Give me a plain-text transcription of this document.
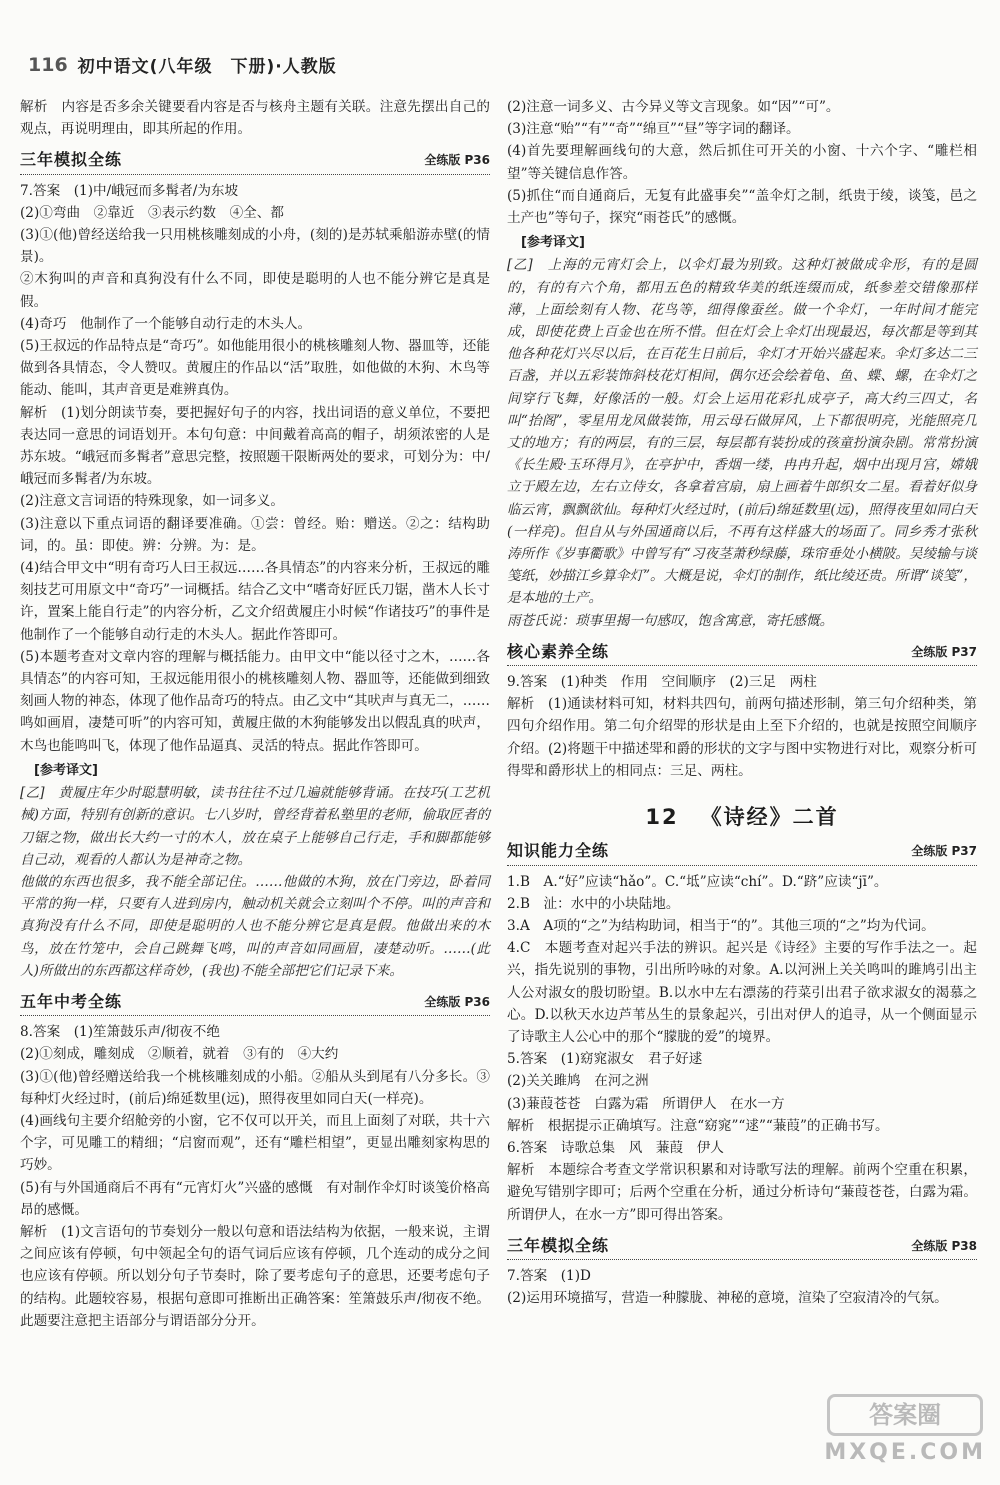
116 初中语文(八年级　下册)·人教版

解析　内容是否多余关键要看内容是否与核舟主题有关联。注意先摆出自己的观点，再说明理由，即其所起的作用。

三年模拟全练	全练版 P36

7.答案　(1)中/峨冠而多髯者/为东坡

(2)①弯曲　②靠近　③表示约数　④全、都

(3)①(他)曾经送给我一只用桃核雕刻成的小舟，(刻的)是苏轼乘船游赤壁(的情景)。

②木狗叫的声音和真狗没有什么不同，即使是聪明的人也不能分辨它是真是假。

(4)奇巧　他制作了一个能够自动行走的木头人。

(5)王叔远的作品特点是“奇巧”。如他能用很小的桃核雕刻人物、器皿等，还能做到各具情态，令人赞叹。黄履庄的作品以“活”取胜，如他做的木狗、木鸟等能动、能叫，其声音更是难辨真伪。

解析　(1)划分朗读节奏，要把握好句子的内容，找出词语的意义单位，不要把表达同一意思的词语划开。本句句意：中间戴着高高的帽子，胡须浓密的人是苏东坡。“峨冠而多髯者”意思完整，按照题干限断两处的要求，可划分为：中/峨冠而多髯者/为东坡。

(2)注意文言词语的特殊现象，如一词多义。

(3)注意以下重点词语的翻译要准确。①尝：曾经。贻：赠送。②之：结构助词，的。虽：即使。辨：分辨。为：是。

(4)结合甲文中“明有奇巧人曰王叔远……各具情态”的内容来分析，王叔远的雕刻技艺可用原文中“奇巧”一词概括。结合乙文中“嗜奇好匠氏刀锯，凿木人长寸许，置案上能自行走”的内容分析，乙文介绍黄履庄小时候“作诸技巧”的事件是他制作了一个能够自动行走的木头人。据此作答即可。

(5)本题考查对文章内容的理解与概括能力。由甲文中“能以径寸之木，……各具情态”的内容可知，王叔远能用很小的桃核雕刻人物、器皿等，还能做到细致刻画人物的神态，体现了他作品奇巧的特点。由乙文中“其吠声与真无二，……鸣如画眉，凄楚可听”的内容可知，黄履庄做的木狗能够发出以假乱真的吠声，木鸟也能鸣叫飞，体现了他作品逼真、灵活的特点。据此作答即可。

[参考译文]

[乙]　黄履庄年少时聪慧明敏，读书往往不过几遍就能够背诵。在技巧(工艺机械)方面，特别有创新的意识。七八岁时，曾经背着私塾里的老师，偷取匠者的刀锯之物，做出长大约一寸的木人，放在桌子上能够自己行走，手和脚都能够自己动，观看的人都认为是神奇之物。

他做的东西也很多，我不能全部记住。……他做的木狗，放在门旁边，卧着同平常的狗一样，只要有人进到房内，触动机关就会立刻叫个不停。叫的声音和真狗没有什么不同，即使是聪明的人也不能分辨它是真是假。他做出来的木鸟，放在竹笼中，会自己跳舞飞鸣，叫的声音如同画眉，凄楚动听。……(此人)所做出的东西都这样奇妙，(我也)不能全部把它们记录下来。

五年中考全练	全练版 P36

8.答案　(1)笙箫鼓乐声/彻夜不绝

(2)①刻成，雕刻成　②顺着，就着　③有的　④大约

(3)①(他)曾经赠送给我一个桃核雕刻成的小船。②船从头到尾有八分多长。③每种灯火经过时，(前后)绵延数里(远)，照得夜里如同白天(一样亮)。

(4)画线句主要介绍舱旁的小窗，它不仅可以开关，而且上面刻了对联，共十六个字，可见雕工的精细；“启窗而观”，还有“雕栏相望”，更显出雕刻家构思的巧妙。

(5)有与外国通商后不再有“元宵灯火”兴盛的感慨　有对制作伞灯时谈笺价格高昂的感慨。

解析　(1)文言语句的节奏划分一般以句意和语法结构为依据，一般来说，主谓之间应该有停顿，句中领起全句的语气词后应该有停顿，几个连动的成分之间也应该有停顿。所以划分句子节奏时，除了要考虑句子的意思，还要考虑句子的结构。此题较容易，根据句意即可推断出正确答案：笙箫鼓乐声/彻夜不绝。此题要注意把主语部分与谓语部分分开。

(2)注意一词多义、古今异义等文言现象。如“因”“可”。

(3)注意“贻”“有”“奇”“绵亘”“昼”等字词的翻译。

(4)首先要理解画线句的大意，然后抓住可开关的小窗、十六个字、“雕栏相望”等关键信息作答。

(5)抓住“而自通商后，无复有此盛事矣”“盖伞灯之制，纸贵于绫，谈笺，邑之土产也”等句子，探究“雨苍氏”的感慨。

[参考译文]

[乙]　上海的元宵灯会上，以伞灯最为别致。这种灯被做成伞形，有的是圆的，有的有六个角，都用五色的精致华美的纸连缀而成，纸参差交错像那样薄，上面绘刻有人物、花鸟等，细得像蚕丝。做一个伞灯，一年时间才能完成，即使花费上百金也在所不惜。但在灯会上伞灯出现最迟，每次都是等到其他各种花灯兴尽以后，在百花生日前后，伞灯才开始兴盛起来。伞灯多达二三百盏，并以五彩装饰斜枝花灯相间，偶尔还会绘着龟、鱼、蝶、螺，在伞灯之间穿行飞舞，好像活的一般。灯会上运用花彩扎成亭子，高大约三四丈，名叫“抬阁”，零星用龙凤做装饰，用云母石做屏风，上下都很明亮，光能照亮几丈的地方；有的两层，有的三层，每层都有装扮成的孩童扮演杂剧。常常扮演《长生殿·玉环得月》，在亭护中，香烟一缕，冉冉升起，烟中出现月宫，嫦娥立于殿左边，左右立侍女，各拿着宫扇，扇上画着牛郎织女二星。看着好似身临云宵，飘飘欲仙。每种灯火经过时，(前后)绵延数里(远)，照得夜里如同白天(一样亮)。但自从与外国通商以后，不再有这样盛大的场面了。同乡秀才张秋涛所作《岁事衢歌》中曾写有“习夜茎萧秒绿藤，珠帘垂处小横陂。吴绫输与谈笺纸，妙描江乡算伞灯”。大概是说，伞灯的制作，纸比绫还贵。所谓“谈笺”，是本地的土产。

雨苍氏说：琐事里揭一句感叹，饱含寓意，寄托感慨。

核心素养全练	全练版 P37

9.答案　(1)种类　作用　空间顺序　(2)三足　两柱

解析　(1)通读材料可知，材料共四句，前两句描述形制，第三句介绍种类，第四句介绍作用。第二句介绍斝的形状是由上至下介绍的，也就是按照空间顺序介绍。(2)将题干中描述斝和爵的形状的文字与图中实物进行对比，观察分析可得斝和爵形状上的相同点：三足、两柱。

12 《诗经》二首
知识能力全练	全练版 P37

1.B　A.“好”应读“hǎo”。C.“坻”应读“chí”。D.“跻”应读“jī”。

2.B　沚：水中的小块陆地。

3.A　A项的“之”为结构助词，相当于“的”。其他三项的“之”均为代词。

4.C　本题考查对起兴手法的辨识。起兴是《诗经》主要的写作手法之一。起兴，指先说别的事物，引出所吟咏的对象。A.以河洲上关关鸣叫的雎鸠引出主人公对淑女的殷切盼望。B.以水中左右漂荡的荇菜引出君子欲求淑女的渴慕之心。D.以秋天水边芦苇丛生的景象起兴，引出对伊人的追寻，从一个侧面显示了诗歌主人公心中的那个“朦胧的爱”的境界。

5.答案　(1)窈窕淑女　君子好逑

(2)关关雎鸠　在河之洲

(3)蒹葭苍苍　白露为霜　所谓伊人　在水一方

解析　根据提示正确填写。注意“窈窕”“逑”“蒹葭”的正确书写。

6.答案　诗歌总集　风　蒹葭　伊人

解析　本题综合考查文学常识积累和对诗歌写法的理解。前两个空重在积累，避免写错别字即可；后两个空重在分析，通过分析诗句“蒹葭苍苍，白露为霜。所谓伊人，在水一方”即可得出答案。

三年模拟全练	全练版 P38

7.答案　(1)D

(2)运用环境描写，营造一种朦胧、神秘的意境，渲染了空寂清冷的气氛。

答案圈
MXQE.COM
